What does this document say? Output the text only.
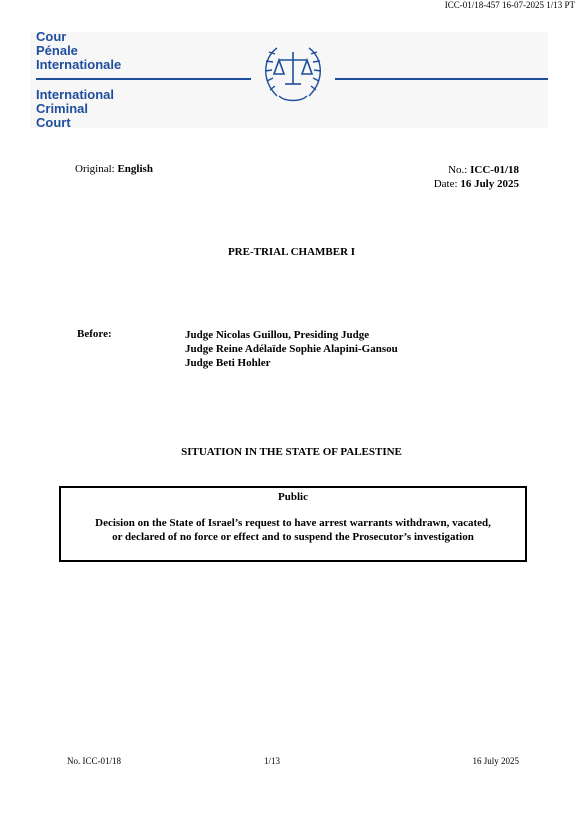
ICC-01/18-457 16-07-2025 1/13 PT
Cour
Pénale
Internationale
International
Criminal
Court
Original: English	No.: ICC-01/18
Date: 16 July 2025
PRE-TRIAL CHAMBER I
Before:	Judge Nicolas Guillou, Presiding Judge
Judge Reine Adélaïde Sophie Alapini-Gansou
Judge Beti Hohler
SITUATION IN THE STATE OF PALESTINE
Public
Decision on the State of Israel’s request to have arrest warrants withdrawn, vacated,
or declared of no force or effect and to suspend the Prosecutor’s investigation
No. ICC-01/18	1/13	16 July 2025
